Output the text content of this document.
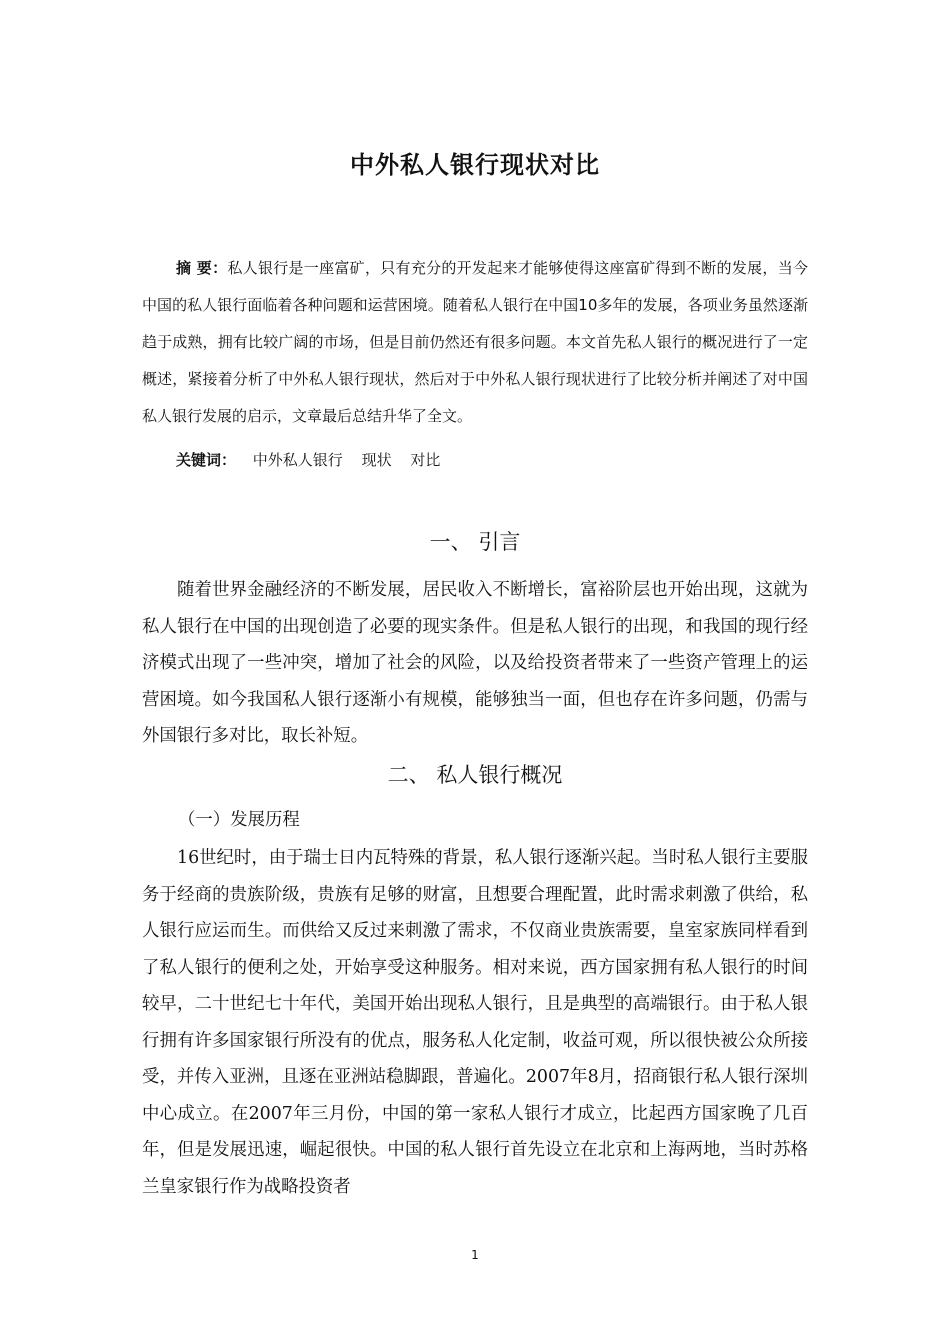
中外私人银行现状对比

摘 要：私人银行是一座富矿，只有充分的开发起来才能够使得这座富矿得到不断的发展，当今中国的私人银行面临着各种问题和运营困境。随着私人银行在中国10多年的发展，各项业务虽然逐渐趋于成熟，拥有比较广阔的市场，但是目前仍然还有很多问题。本文首先私人银行的概况进行了一定概述，紧接着分析了中外私人银行现状，然后对于中外私人银行现状进行了比较分析并阐述了对中国私人银行发展的启示，文章最后总结升华了全文。

关键词： 中外私人银行 现状 对比

一、 引言

随着世界金融经济的不断发展，居民收入不断增长，富裕阶层也开始出现，这就为私人银行在中国的出现创造了必要的现实条件。但是私人银行的出现，和我国的现行经济模式出现了一些冲突，增加了社会的风险，以及给投资者带来了一些资产管理上的运营困境。如今我国私人银行逐渐小有规模，能够独当一面，但也存在许多问题，仍需与外国银行多对比，取长补短。

二、 私人银行概况
（一）发展历程

16世纪时，由于瑞士日内瓦特殊的背景，私人银行逐渐兴起。当时私人银行主要服务于经商的贵族阶级，贵族有足够的财富，且想要合理配置，此时需求刺激了供给，私人银行应运而生。而供给又反过来刺激了需求，不仅商业贵族需要，皇室家族同样看到了私人银行的便利之处，开始享受这种服务。相对来说，西方国家拥有私人银行的时间较早，二十世纪七十年代，美国开始出现私人银行，且是典型的高端银行。由于私人银行拥有许多国家银行所没有的优点，服务私人化定制，收益可观，所以很快被公众所接受，并传入亚洲，且逐在亚洲站稳脚跟，普遍化。2007年8月，招商银行私人银行深圳中心成立。在2007年三月份，中国的第一家私人银行才成立，比起西方国家晚了几百年，但是发展迅速，崛起很快。中国的私人银行首先设立在北京和上海两地，当时苏格兰皇家银行作为战略投资者

1
